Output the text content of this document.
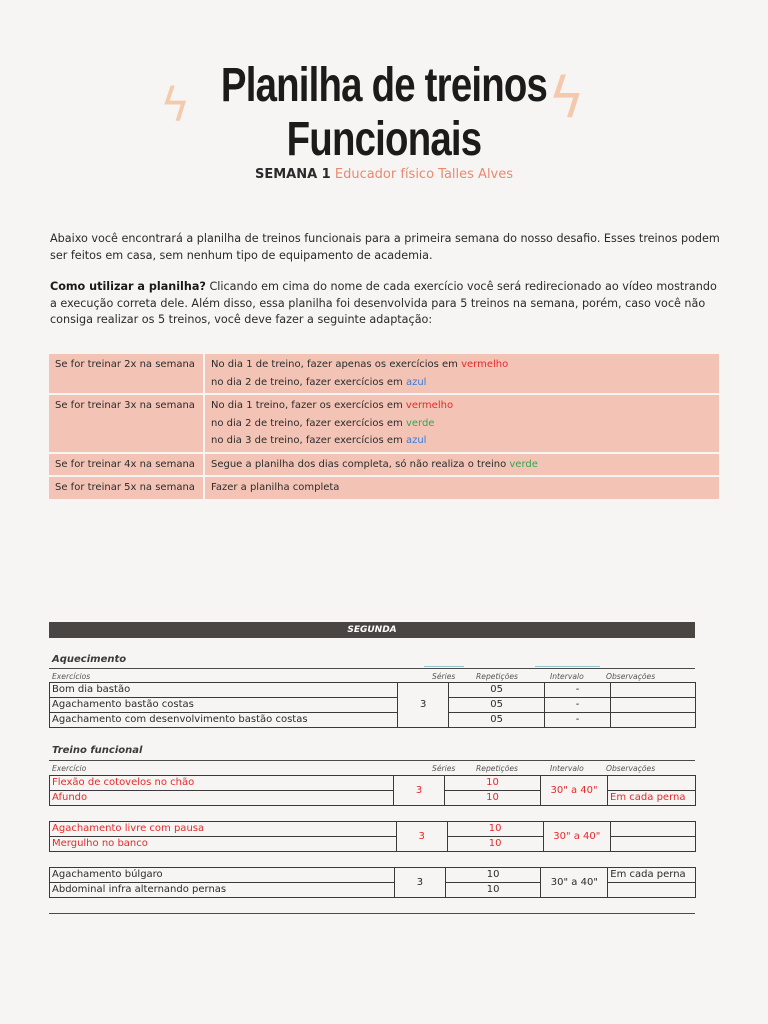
ϟ	ϟ
Planilha de treinos
Funcionais
SEMANA 1 Educador físico Talles Alves

Abaixo você encontrará a planilha de treinos funcionais para a primeira semana do nosso desafio. Esses treinos podem ser feitos em casa, sem nenhum tipo de equipamento de academia.

Como utilizar a planilha? Clicando em cima do nome de cada exercício você será redirecionado ao vídeo mostrando a execução correta dele. Além disso, essa planilha foi desenvolvida para 5 treinos na semana, porém, caso você não consiga realizar os 5 treinos, você deve fazer a seguinte adaptação:

Se for treinar 2x na semana	No dia 1 de treino, fazer apenas os exercícios em vermelho
no dia 2 de treino, fazer exercícios em azul

Se for treinar 3x na semana	No dia 1 treino, fazer os exercícios em vermelho
no dia 2 de treino, fazer exercícios em verde
no dia 3 de treino, fazer exercícios em azul

Se for treinar 4x na semana	Segue a planilha dos dias completa, só não realiza o treino verde

Se for treinar 5x na semana	Fazer a planilha completa
SEGUNDA
Aquecimento
Exercícios	Séries	Repetições	Intervalo	Observações
Bom dia bastão	3	05	-	
Agachamento bastão costas		05	-	
Agachamento com desenvolvimento bastão costas		05	-	
Treino funcional
Exercício	Séries	Repetições	Intervalo	Observações
Flexão de cotovelos no chão	3	10	30" a 40"	
Afundo		10		Em cada perna
Agachamento livre com pausa	3	10	30" a 40"	
Mergulho no banco		10		
Agachamento búlgaro	3	10	30" a 40"	Em cada perna
Abdominal infra alternando pernas		10		
